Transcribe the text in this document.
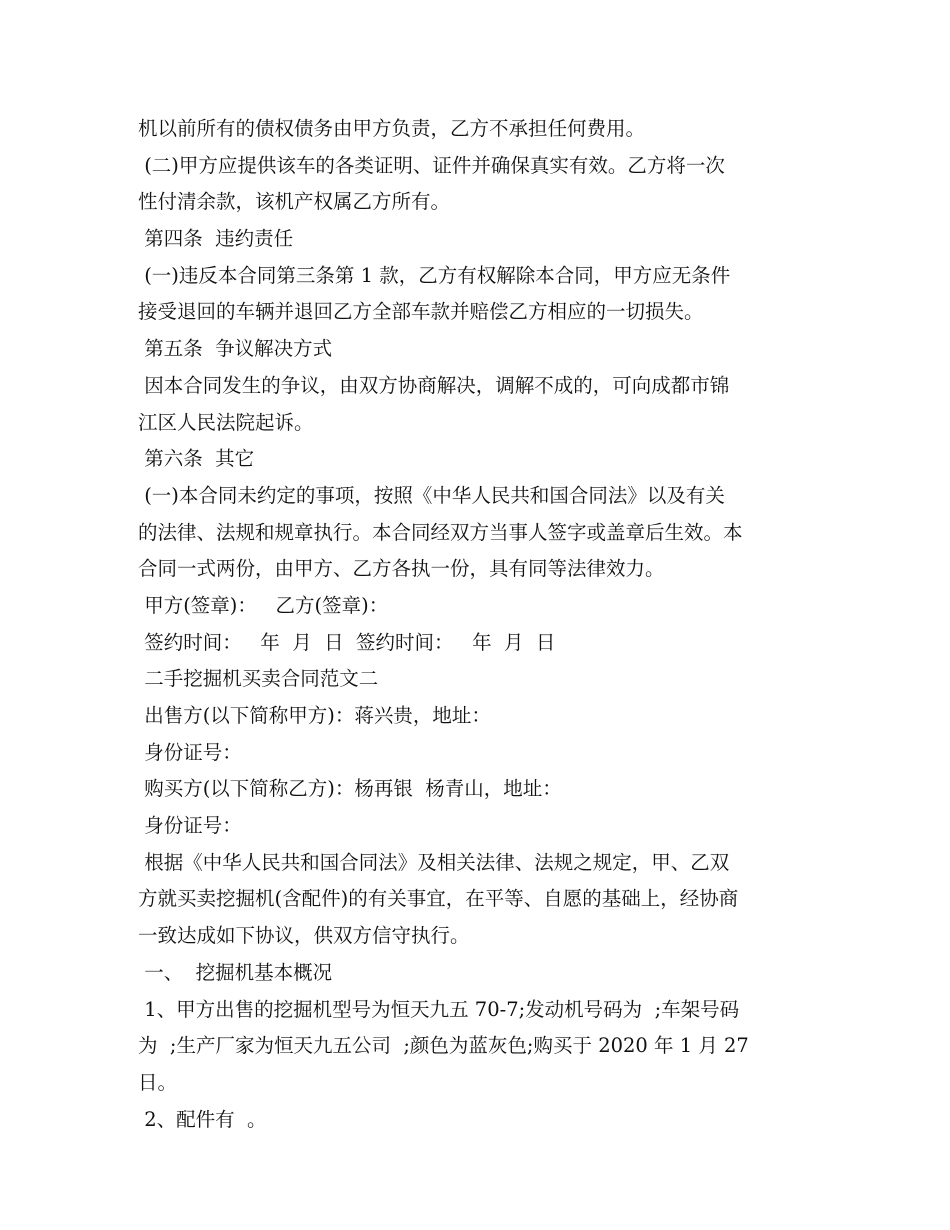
机以前所有的债权债务由甲方负责，乙方不承担任何费用。
(二)甲方应提供该车的各类证明、证件并确保真实有效。乙方将一次
性付清余款，该机产权属乙方所有。
第四条  违约责任
(一)违反本合同第三条第 1 款，乙方有权解除本合同，甲方应无条件
接受退回的车辆并退回乙方全部车款并赔偿乙方相应的一切损失。
第五条  争议解决方式
因本合同发生的争议，由双方协商解决，调解不成的，可向成都市锦
江区人民法院起诉。
第六条  其它
(一)本合同未约定的事项，按照《中华人民共和国合同法》以及有关
的法律、法规和规章执行。本合同经双方当事人签字或盖章后生效。本
合同一式两份，由甲方、乙方各执一份，具有同等法律效力。
甲方(签章)：   乙方(签章)：
签约时间：   年  月  日  签约时间：   年  月  日
二手挖掘机买卖合同范文二
出售方(以下简称甲方)：蒋兴贵，地址：
身份证号：
购买方(以下简称乙方)：杨再银  杨青山，地址：
身份证号：
根据《中华人民共和国合同法》及相关法律、法规之规定，甲、乙双
方就买卖挖掘机(含配件)的有关事宜，在平等、自愿的基础上，经协商
一致达成如下协议，供双方信守执行。
一、  挖掘机基本概况
1、甲方出售的挖掘机型号为恒天九五 70-7;发动机号码为  ;车架号码
为  ;生产厂家为恒天九五公司  ;颜色为蓝灰色;购买于 2020 年 1 月 27
日。
2、配件有  。
